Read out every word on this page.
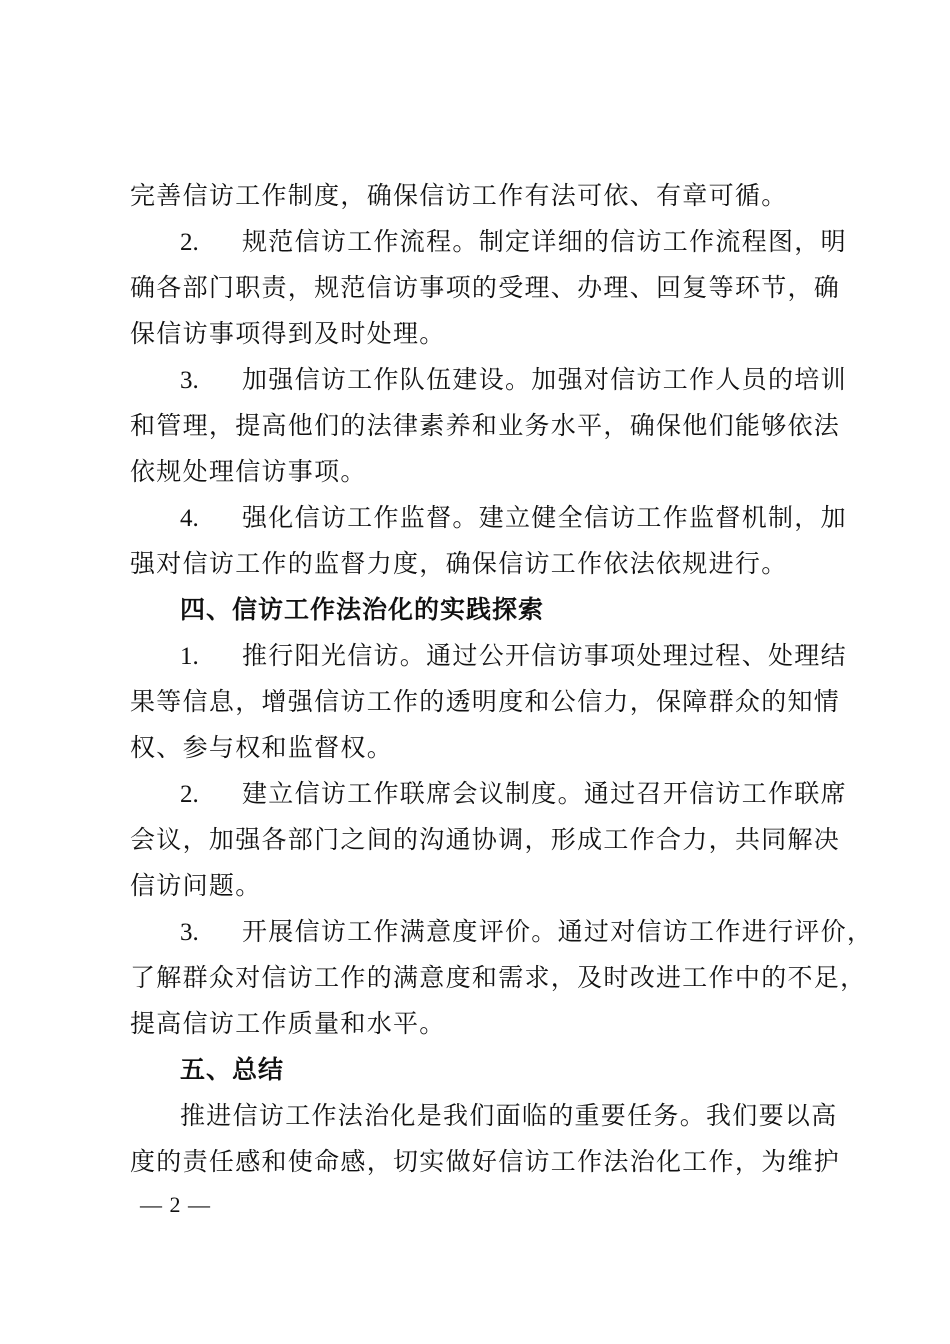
完善信访工作制度，确保信访工作有法可依、有章可循。
2. 规范信访工作流程。制定详细的信访工作流程图，明
确各部门职责，规范信访事项的受理、办理、回复等环节，确
保信访事项得到及时处理。
3. 加强信访工作队伍建设。加强对信访工作人员的培训
和管理，提高他们的法律素养和业务水平，确保他们能够依法
依规处理信访事项。
4. 强化信访工作监督。建立健全信访工作监督机制，加
强对信访工作的监督力度，确保信访工作依法依规进行。
四、信访工作法治化的实践探索
1. 推行阳光信访。通过公开信访事项处理过程、处理结
果等信息，增强信访工作的透明度和公信力，保障群众的知情
权、参与权和监督权。
2. 建立信访工作联席会议制度。通过召开信访工作联席
会议，加强各部门之间的沟通协调，形成工作合力，共同解决
信访问题。
3. 开展信访工作满意度评价。通过对信访工作进行评价，
了解群众对信访工作的满意度和需求，及时改进工作中的不足，
提高信访工作质量和水平。
五、总结
推进信访工作法治化是我们面临的重要任务。我们要以高
度的责任感和使命感，切实做好信访工作法治化工作，为维护
— 2 —
